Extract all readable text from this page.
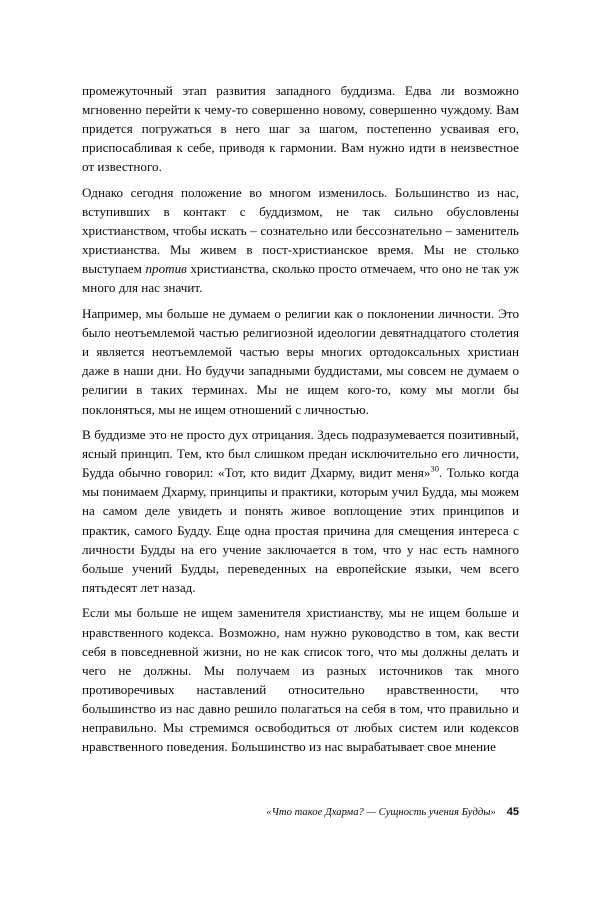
промежуточный этап развития западного буддизма. Едва ли возможно мгновенно перейти к чему-то совершенно новому, совершенно чуждому. Вам придется погружаться в него шаг за шагом, постепенно усваивая его, приспосабливая к себе, приводя к гармонии. Вам нужно идти в неизвестное от известного.

Однако сегодня положение во многом изменилось. Большинство из нас, вступивших в контакт с буддизмом, не так сильно обусловлены христианством, чтобы искать – сознательно или бессознательно – заменитель христианства. Мы живем в пост-христианское время. Мы не столько выступаем против христианства, сколько просто отмечаем, что оно не так уж много для нас значит.

Например, мы больше не думаем о религии как о поклонении личности. Это было неотъемлемой частью религиозной идеологии девятнадцатого столетия и является неотъемлемой частью веры многих ортодоксальных христиан даже в наши дни. Но будучи западными буддистами, мы совсем не думаем о религии в таких терминах. Мы не ищем кого-то, кому мы могли бы поклоняться, мы не ищем отношений с личностью.

В буддизме это не просто дух отрицания. Здесь подразумевается позитивный, ясный принцип. Тем, кто был слишком предан исключительно его личности, Будда обычно говорил: «Тот, кто видит Дхарму, видит меня»$^{30}$. Только когда мы понимаем Дхарму, принципы и практики, которым учил Будда, мы можем на самом деле увидеть и понять живое воплощение этих принципов и практик, самого Будду. Еще одна простая причина для смещения интереса с личности Будды на его учение заключается в том, что у нас есть намного больше учений Будды, переведенных на европейские языки, чем всего пятьдесят лет назад.

Если мы больше не ищем заменителя христианству, мы не ищем больше и нравственного кодекса. Возможно, нам нужно руководство в том, как вести себя в повседневной жизни, но не как список того, что мы должны делать и чего не должны. Мы получаем из разных источников так много противоречивых наставлений относительно нравственности, что большинство из нас давно решило полагаться на себя в том, что правильно и неправильно. Мы стремимся освободиться от любых систем или кодексов нравственного поведения. Большинство из нас вырабатывает свое мнение

«Что такое Дхарма? — Сущность учения Будды» 45
